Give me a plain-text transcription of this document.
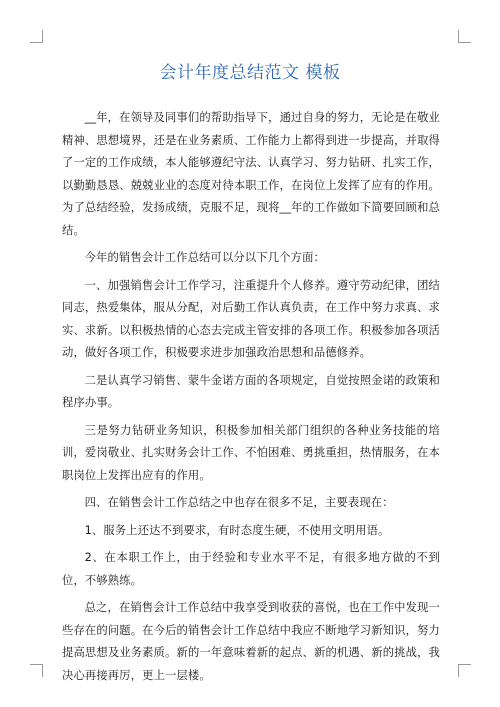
会计年度总结范文 模板

__年，在领导及同事们的帮助指导下，通过自身的努力，无论是在敬业精神、思想境界，还是在业务素质、工作能力上都得到进一步提高，并取得了一定的工作成绩，本人能够遵纪守法、认真学习、努力钻研、扎实工作，以勤勤恳恳、兢兢业业的态度对待本职工作，在岗位上发挥了应有的作用。为了总结经验，发扬成绩，克服不足，现将__年的工作做如下简要回顾和总结。

今年的销售会计工作总结可以分以下几个方面：

一、加强销售会计工作学习，注重提升个人修养。遵守劳动纪律，团结同志，热爱集体，服从分配，对后勤工作认真负责，在工作中努力求真、求实、求新。以积极热情的心态去完成主管安排的各项工作。积极参加各项活动，做好各项工作，积极要求进步加强政治思想和品德修养。

二是认真学习销售、蒙牛金诺方面的各项规定，自觉按照金诺的政策和程序办事。

三是努力钻研业务知识，积极参加相关部门组织的各种业务技能的培训，爱岗敬业、扎实财务会计工作、不怕困难、勇挑重担，热情服务，在本职岗位上发挥出应有的作用。

四、在销售会计工作总结之中也存在很多不足，主要表现在：

1、服务上还达不到要求，有时态度生硬，不使用文明用语。

2、在本职工作上，由于经验和专业水平不足，有很多地方做的不到位，不够熟练。

总之，在销售会计工作总结中我享受到收获的喜悦，也在工作中发现一些存在的问题。在今后的销售会计工作总结中我应不断地学习新知识，努力提高思想及业务素质。新的一年意味着新的起点、新的机遇、新的挑战，我决心再接再厉，更上一层楼。
